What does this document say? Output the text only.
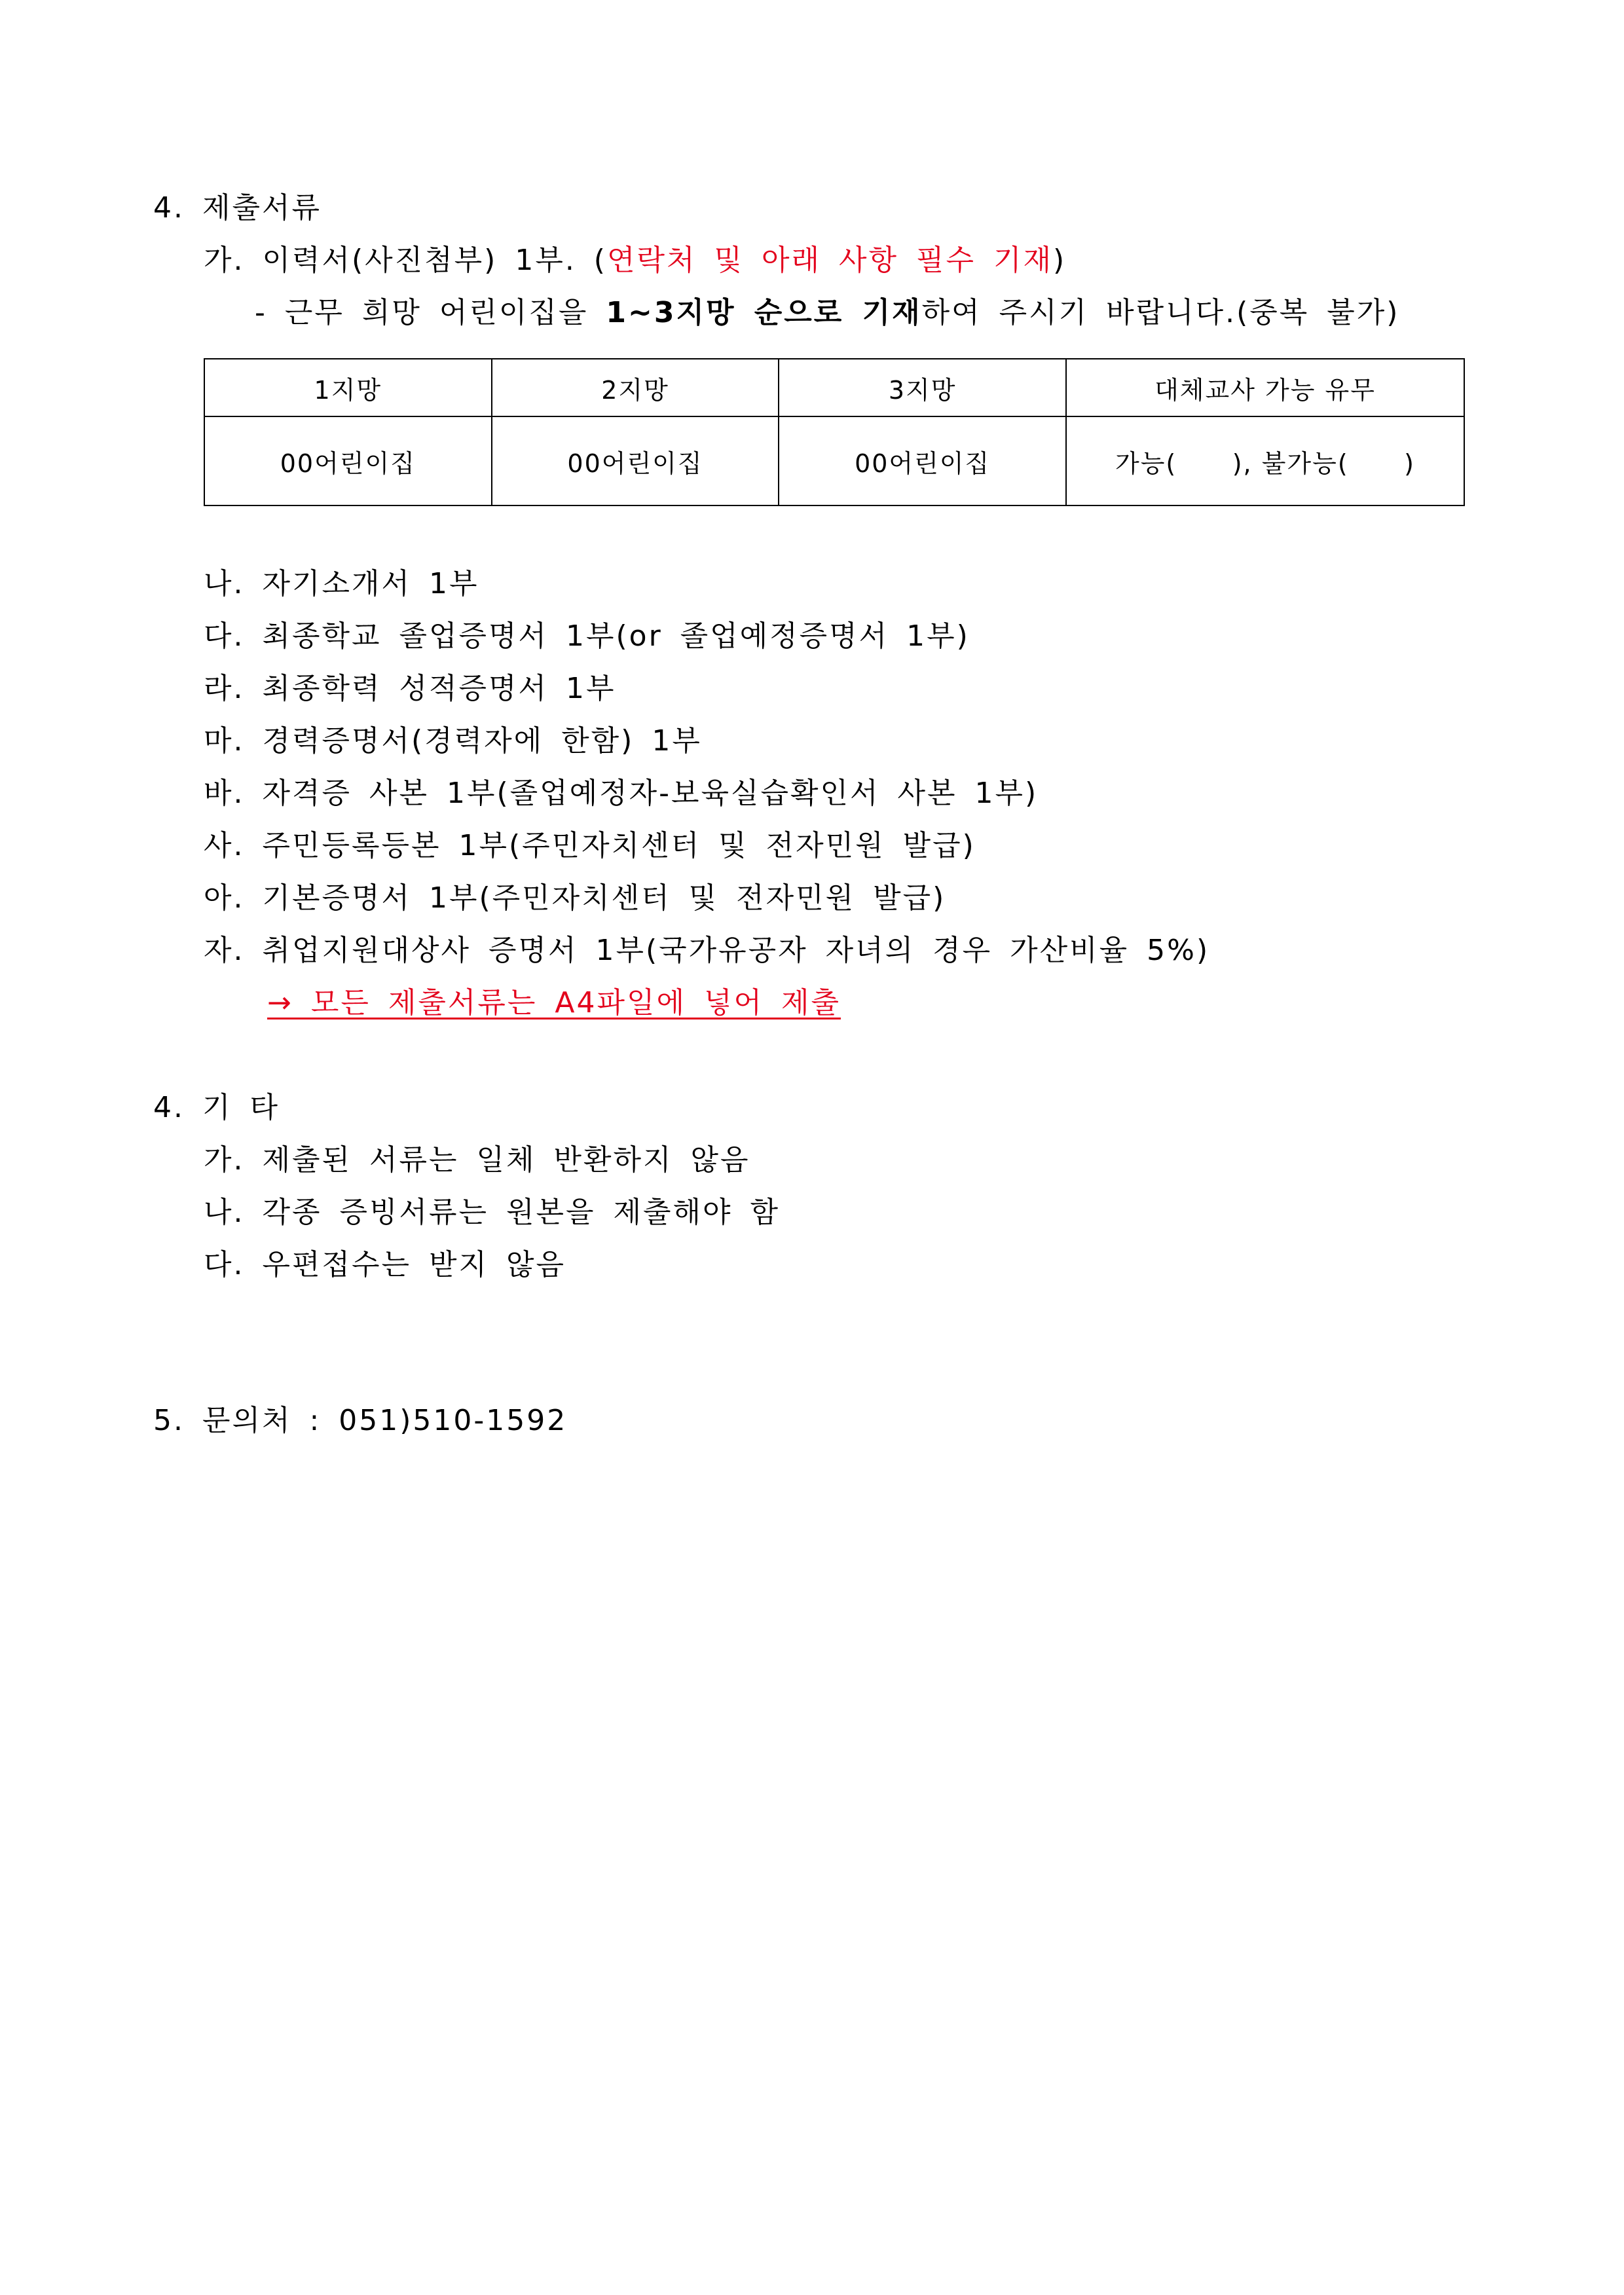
4. 제출서류
가. 이력서(사진첨부) 1부. (연락처 및 아래 사항 필수 기재)
- 근무 희망 어린이집을 1~3지망 순으로 기재하여 주시기 바랍니다.(중복 불가)
1지망	2지망	3지망	대체교사 가능 유무
00어린이집	00어린이집	00어린이집	가능(      ), 불가능(      )
나. 자기소개서 1부
다. 최종학교 졸업증명서 1부(or 졸업예정증명서 1부)
라. 최종학력 성적증명서 1부
마. 경력증명서(경력자에 한함) 1부
바. 자격증 사본 1부(졸업예정자-보육실습확인서 사본 1부)
사. 주민등록등본 1부(주민자치센터 및 전자민원 발급)
아. 기본증명서 1부(주민자치센터 및 전자민원 발급)
자. 취업지원대상사 증명서 1부(국가유공자 자녀의 경우 가산비율 5%)
→ 모든 제출서류는 A4파일에 넣어 제출
4. 기 타
가. 제출된 서류는 일체 반환하지 않음
나. 각종 증빙서류는 원본을 제출해야 함
다. 우편접수는 받지 않음
5. 문의처 : 051)510-1592
